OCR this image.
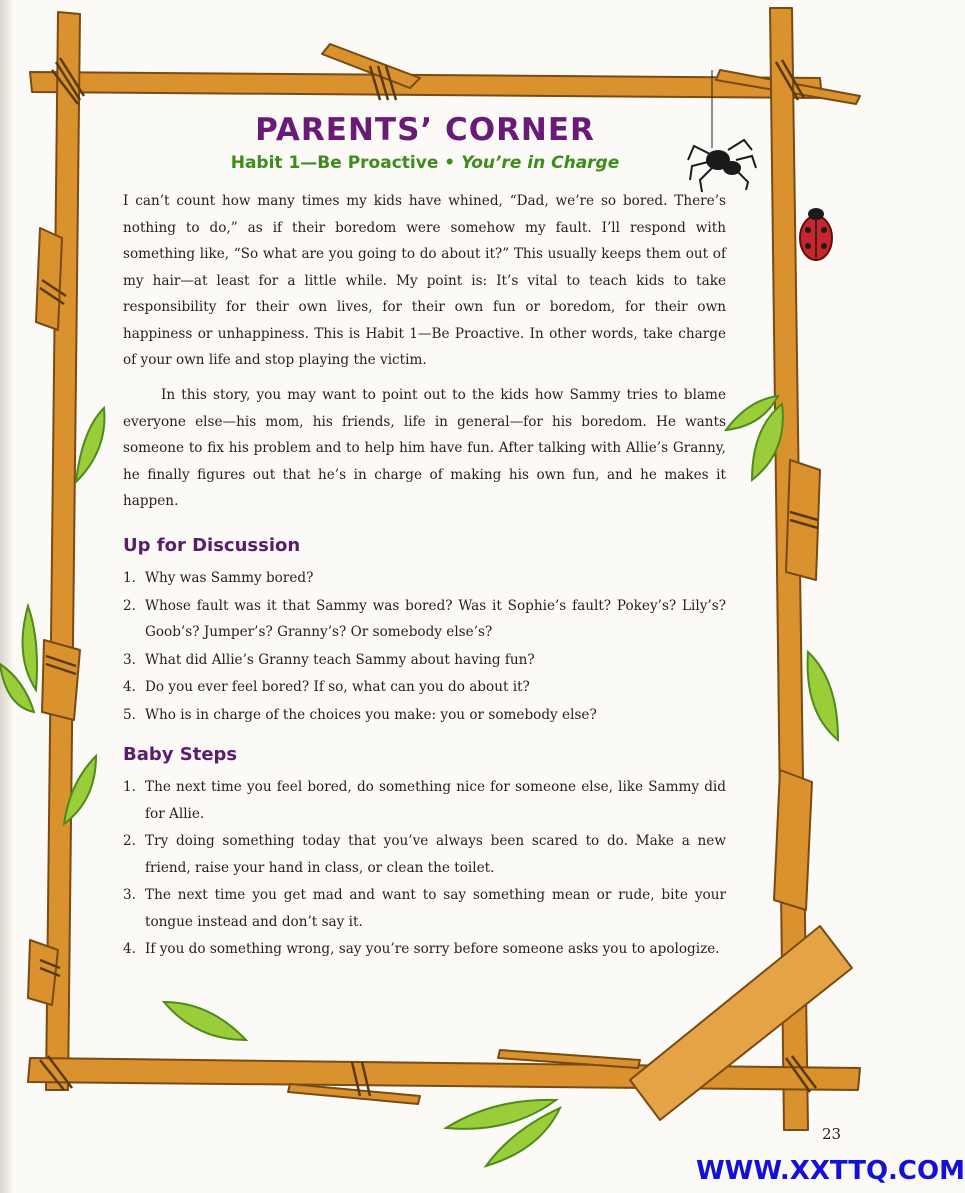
PARENTS’ CORNER
Habit 1—Be Proactive • You’re in Charge

I can’t count how many times my kids have whined, “Dad, we’re so bored. There’s nothing to do,” as if their boredom were somehow my fault. I’ll respond with something like, “So what are you going to do about it?” This usually keeps them out of my hair—at least for a little while. My point is: It’s vital to teach kids to take responsibility for their own lives, for their own fun or boredom, for their own happiness or unhappiness. This is Habit 1—Be Proactive. In other words, take charge of your own life and stop playing the victim.

In this story, you may want to point out to the kids how Sammy tries to blame everyone else—his mom, his friends, life in general—for his boredom. He wants someone to fix his problem and to help him have fun. After talking with Allie’s Granny, he finally figures out that he’s in charge of making his own fun, and he makes it happen.

Up for Discussion
1. Why was Sammy bored?
2. Whose fault was it that Sammy was bored? Was it Sophie’s fault? Pokey’s? Lily’s? Goob’s? Jumper’s? Granny’s? Or somebody else’s?
3. What did Allie’s Granny teach Sammy about having fun?
4. Do you ever feel bored? If so, what can you do about it?
5. Who is in charge of the choices you make: you or somebody else?
Baby Steps
1. The next time you feel bored, do something nice for someone else, like Sammy did for Allie.
2. Try doing something today that you’ve always been scared to do. Make a new friend, raise your hand in class, or clean the toilet.
3. The next time you get mad and want to say something mean or rude, bite your tongue instead and don’t say it.
4. If you do something wrong, say you’re sorry before someone asks you to apologize.
23
WWW.XXTTQ.COM
